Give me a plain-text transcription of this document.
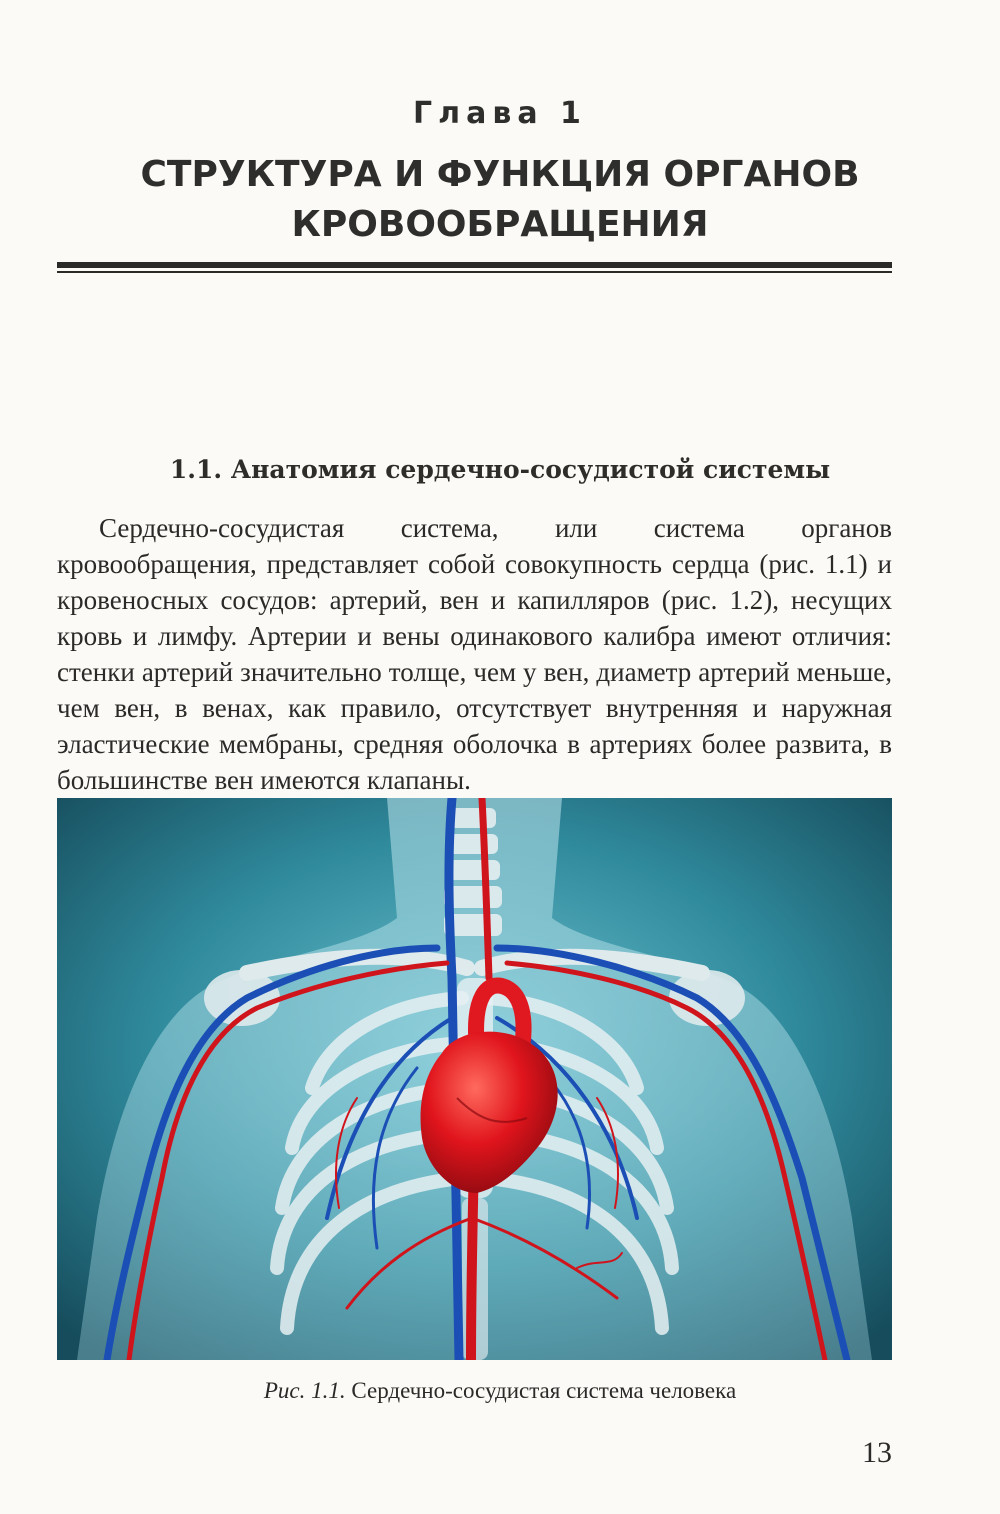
Глава 1
СТРУКТУРА И ФУНКЦИЯ ОРГАНОВ КРОВООБРАЩЕНИЯ
1.1. Анатомия сердечно-сосудистой системы

Сердечно-сосудистая система, или система органов кровообращения, представляет собой совокупность сердца (рис. 1.1) и кровеносных сосудов: артерий, вен и капилляров (рис. 1.2), несущих кровь и лимфу. Артерии и вены одинакового калибра имеют отличия: стенки артерий значительно толще, чем у вен, диаметр артерий меньше, чем вен, в венах, как правило, отсутствует внутренняя и наружная эластические мембраны, средняя оболочка в артериях более развита, в большинстве вен имеются клапаны.

Рис. 1.1. Сердечно-сосудистая система человека
13
